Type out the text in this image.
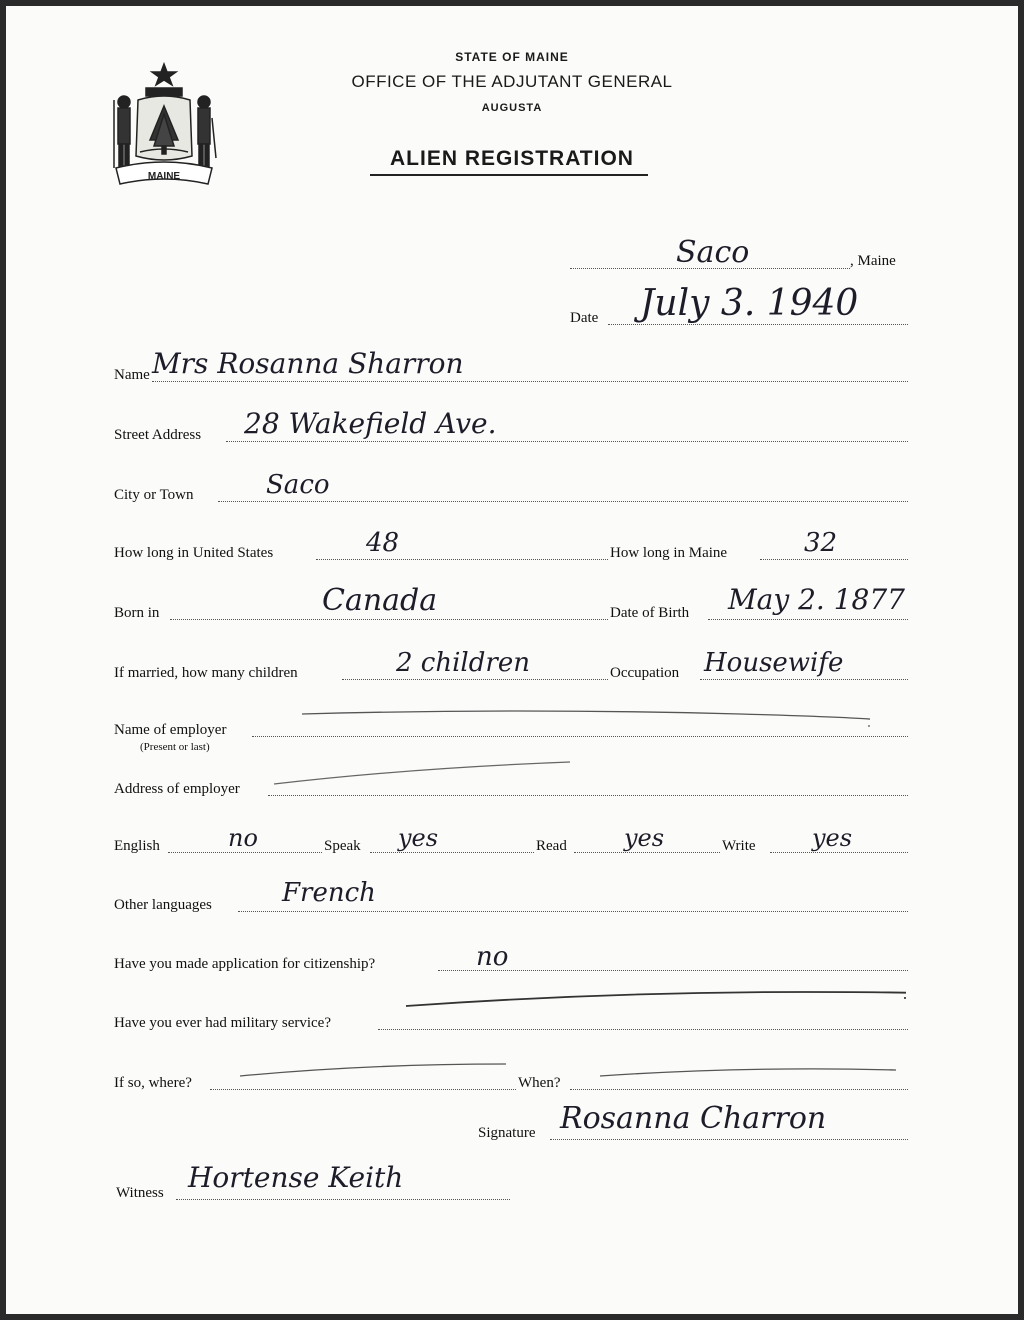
MAINE
STATE OF MAINE
OFFICE OF THE ADJUTANT GENERAL
AUGUSTA
ALIEN REGISTRATION
Saco	, Maine
Date July 3. 1940
Name Mrs Rosanna Sharron
Street Address 28 Wakefield Ave.
City or Town	Saco
How long in United States	48	How long in Maine	32
Born in	Canada	Date of Birth May 2. 1877
If married, how many children	2 children	Occupation Housewife
Name of employer
(Present or last)
Address of employer
English	no	Speak yes	Read yes	Write yes
Other languages	French
Have you made application for citizenship?	no
Have you ever had military service?
If so, where?	When?
Signature Rosanna Charron
Witness Hortense Keith
